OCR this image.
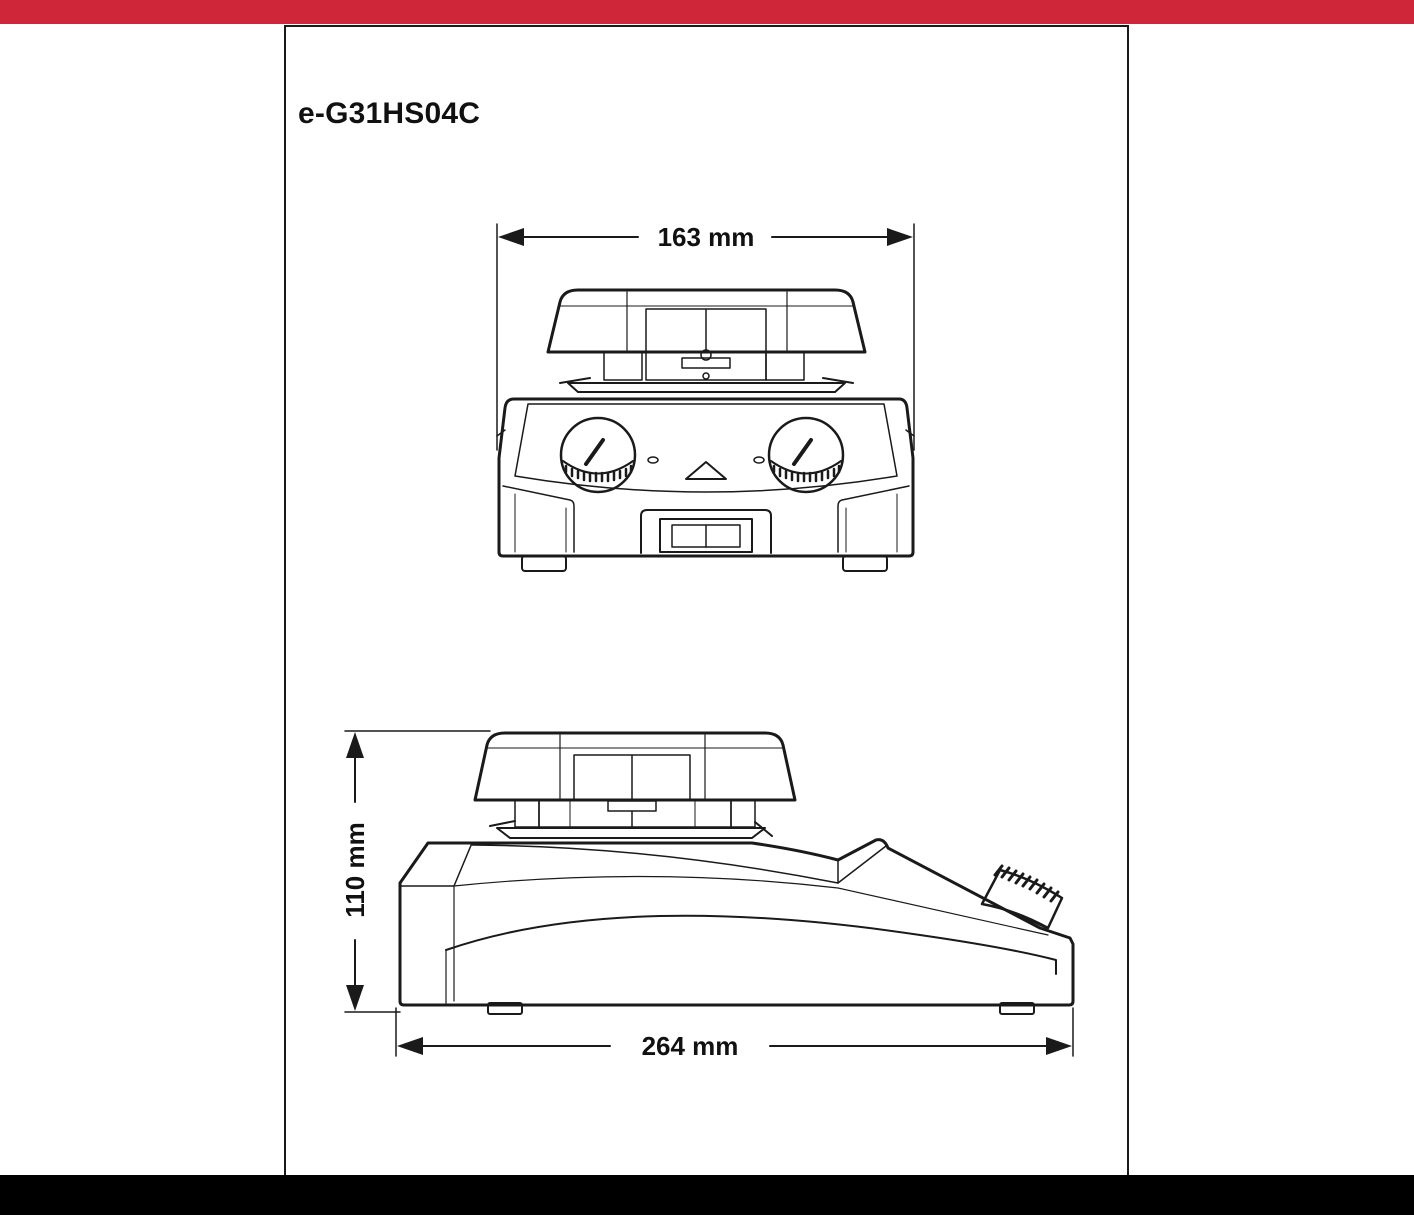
e-G31HS04C
163 mm
110 mm
264 mm
